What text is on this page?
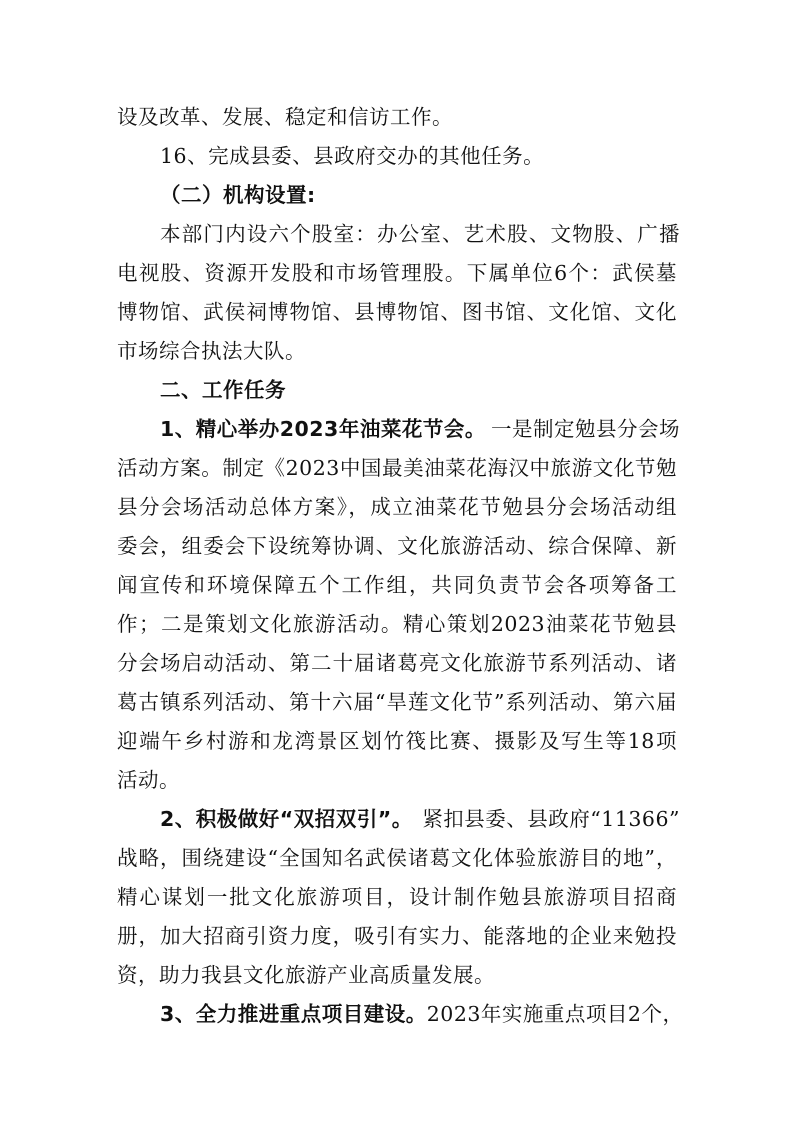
设及改革、发展、稳定和信访工作。
16、完成县委、县政府交办的其他任务。
（二）机构设置:
本部门内设六个股室：办公室、艺术股、文物股、广播
电视股、资源开发股和市场管理股。下属单位6个：武侯墓
博物馆、武侯祠博物馆、县博物馆、图书馆、文化馆、文化
市场综合执法大队。
二、工作任务
1、精心举办2023年油菜花节会。 一是制定勉县分会场
活动方案。制定《2023中国最美油菜花海汉中旅游文化节勉
县分会场活动总体方案》，成立油菜花节勉县分会场活动组
委会，组委会下设统筹协调、文化旅游活动、综合保障、新
闻宣传和环境保障五个工作组，共同负责节会各项筹备工
作；二是策划文化旅游活动。精心策划2023油菜花节勉县
分会场启动活动、第二十届诸葛亮文化旅游节系列活动、诸
葛古镇系列活动、第十六届“旱莲文化节”系列活动、第六届
迎端午乡村游和龙湾景区划竹筏比赛、摄影及写生等18项
活动。
2、积极做好“双招双引”。 紧扣县委、县政府“11366”
战略，围绕建设“全国知名武侯诸葛文化体验旅游目的地”，
精心谋划一批文化旅游项目，设计制作勉县旅游项目招商
册，加大招商引资力度，吸引有实力、能落地的企业来勉投
资，助力我县文化旅游产业高质量发展。
3、全力推进重点项目建设。 2023年实施重点项目2个，
